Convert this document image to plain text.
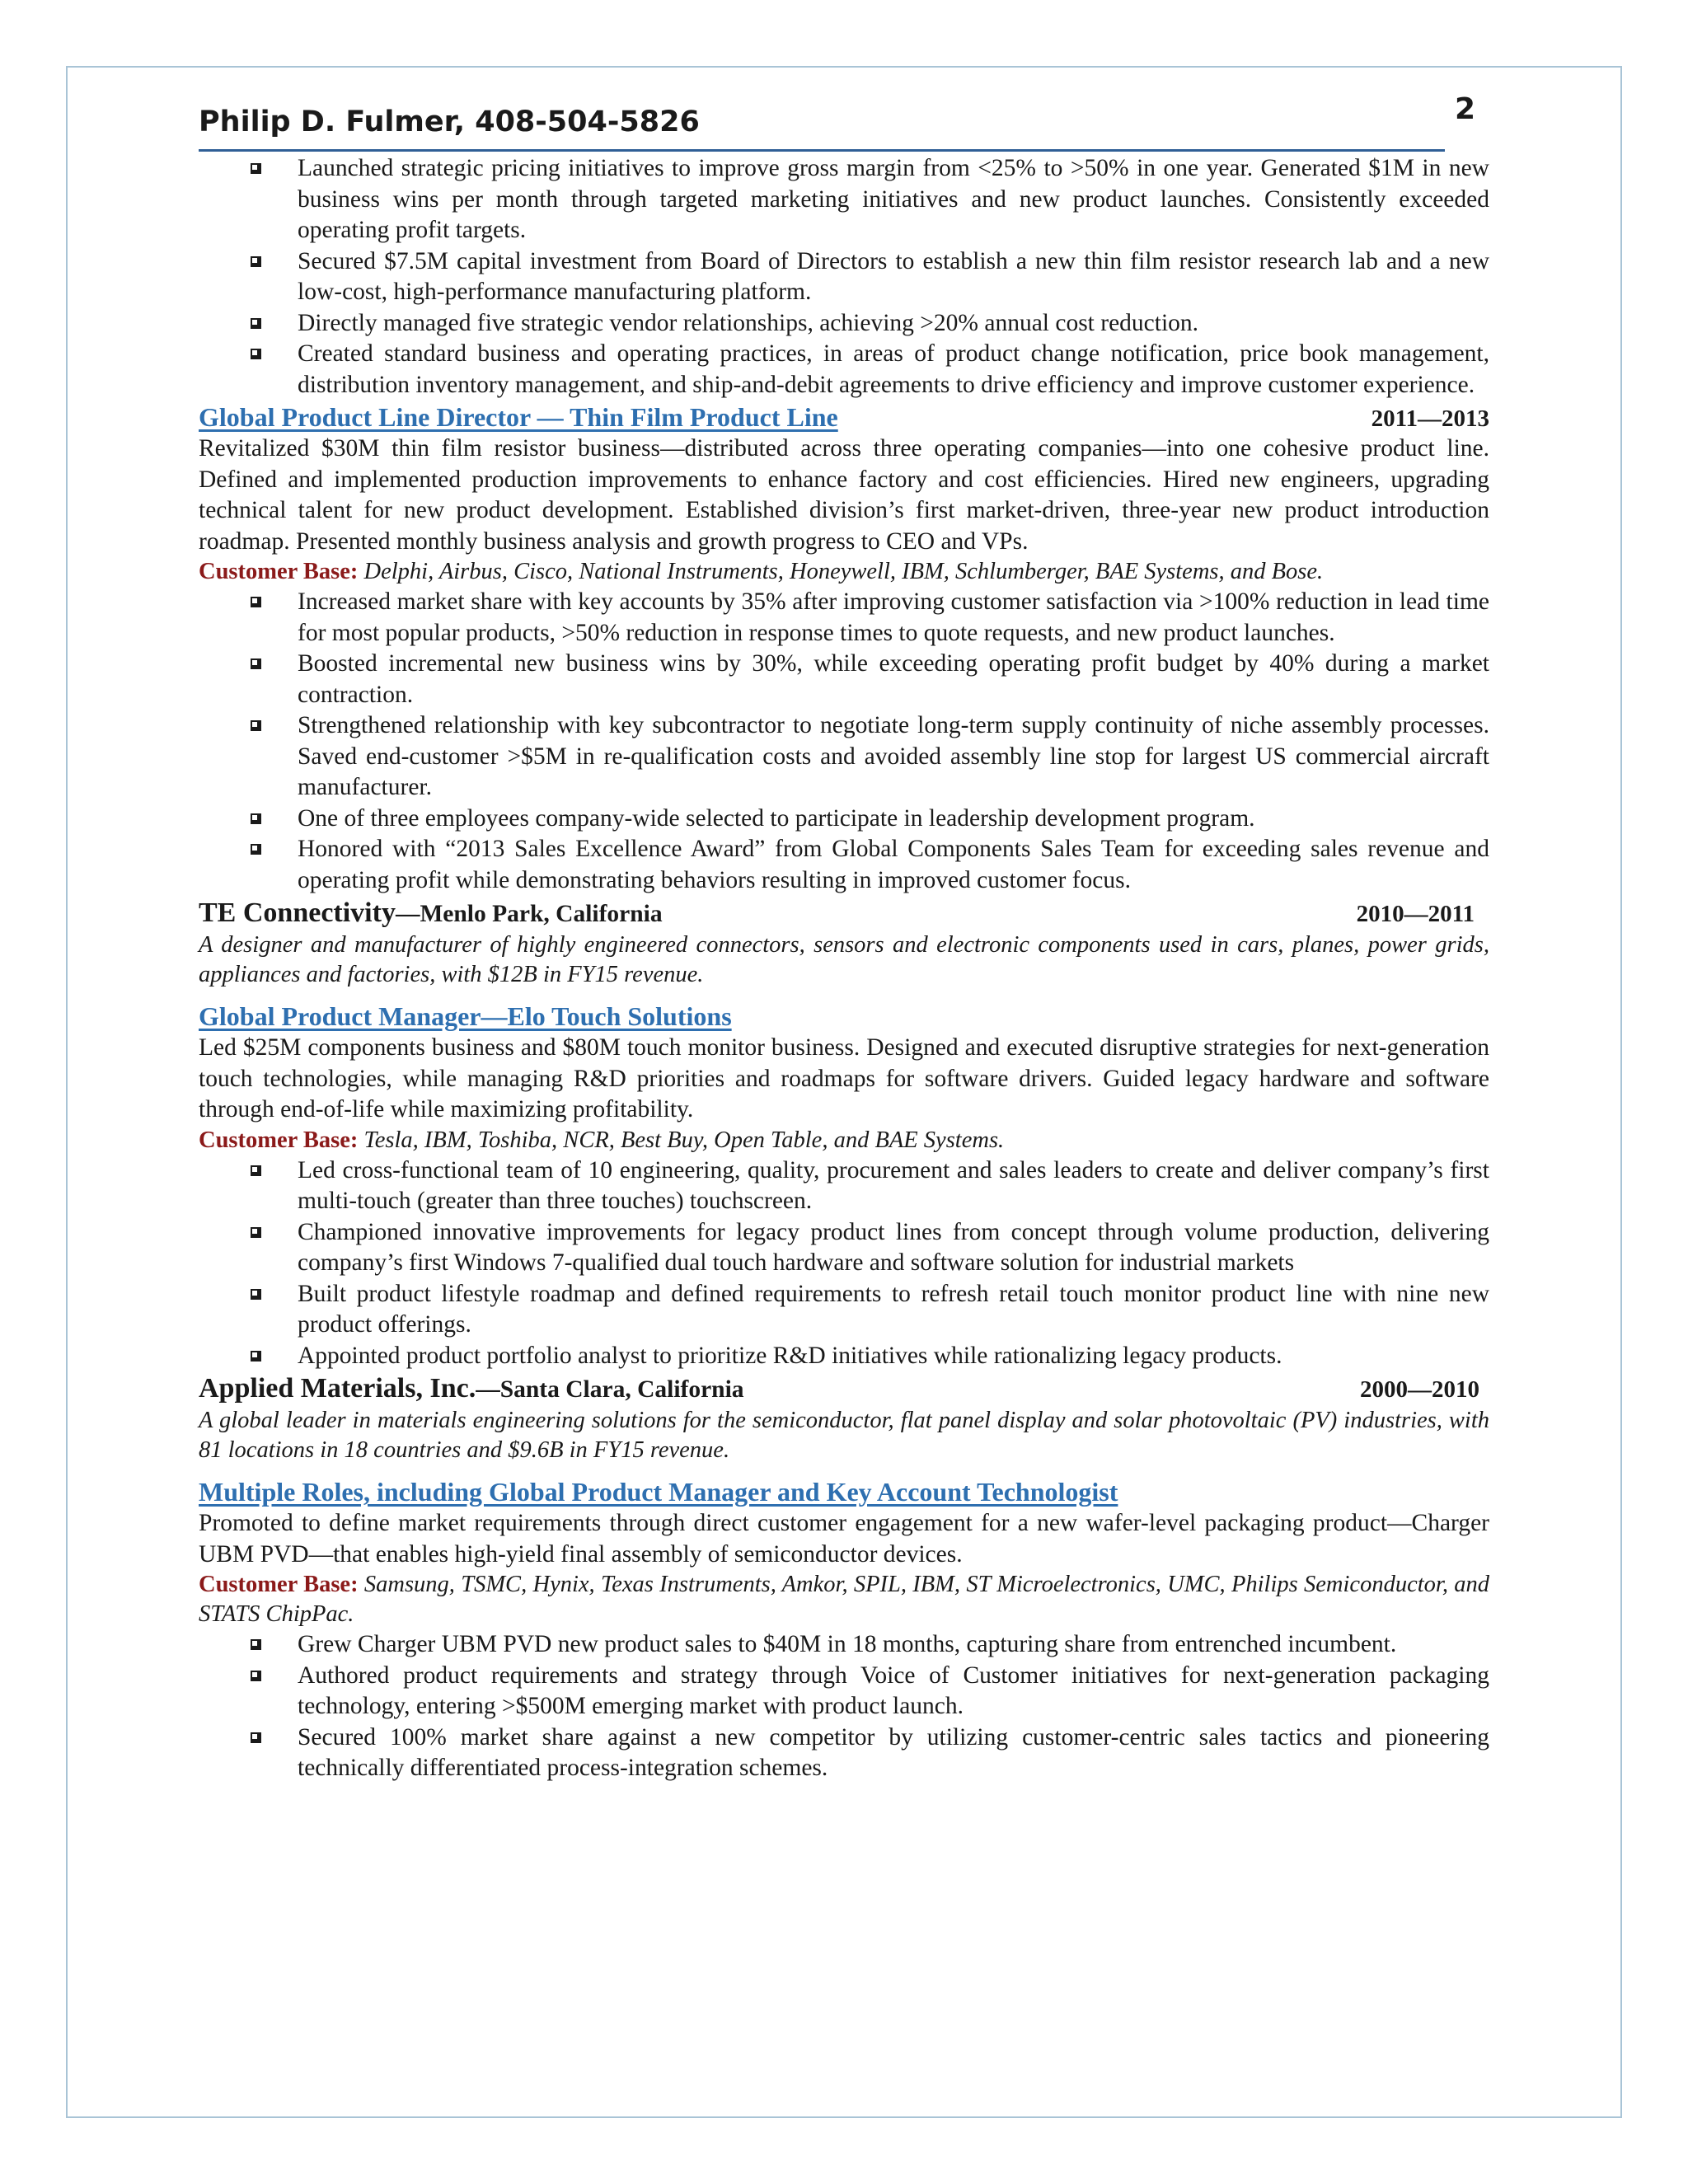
Philip D. Fulmer, 408-504-5826	2
Launched strategic pricing initiatives to improve gross margin from <25% to >50% in one year. Generated $1M in new business wins per month through targeted marketing initiatives and new product launches. Consistently exceeded operating profit targets.
Secured $7.5M capital investment from Board of Directors to establish a new thin film resistor research lab and a new low-cost, high-performance manufacturing platform.
Directly managed five strategic vendor relationships, achieving >20% annual cost reduction.
Created standard business and operating practices, in areas of product change notification, price book management, distribution inventory management, and ship-and-debit agreements to drive efficiency and improve customer experience.
Global Product Line Director — Thin Film Product Line	2011—2013

Revitalized $30M thin film resistor business—distributed across three operating companies—into one cohesive product line. Defined and implemented production improvements to enhance factory and cost efficiencies. Hired new engineers, upgrading technical talent for new product development. Established division’s first market-driven, three-year new product introduction roadmap. Presented monthly business analysis and growth progress to CEO and VPs.

Customer Base: Delphi, Airbus, Cisco, National Instruments, Honeywell, IBM, Schlumberger, BAE Systems, and Bose.

Increased market share with key accounts by 35% after improving customer satisfaction via >100% reduction in lead time for most popular products, >50% reduction in response times to quote requests, and new product launches.
Boosted incremental new business wins by 30%, while exceeding operating profit budget by 40% during a market contraction.
Strengthened relationship with key subcontractor to negotiate long-term supply continuity of niche assembly processes. Saved end-customer >$5M in re-qualification costs and avoided assembly line stop for largest US commercial aircraft manufacturer.
One of three employees company-wide selected to participate in leadership development program.
Honored with “2013 Sales Excellence Award” from Global Components Sales Team for exceeding sales revenue and operating profit while demonstrating behaviors resulting in improved customer focus.
TE Connectivity—Menlo Park, California	2010—2011

A designer and manufacturer of highly engineered connectors, sensors and electronic components used in cars, planes, power grids, appliances and factories, with $12B in FY15 revenue.

Global Product Manager—Elo Touch Solutions

Led $25M components business and $80M touch monitor business. Designed and executed disruptive strategies for next-generation touch technologies, while managing R&D priorities and roadmaps for software drivers. Guided legacy hardware and software through end-of-life while maximizing profitability.

Customer Base: Tesla, IBM, Toshiba, NCR, Best Buy, Open Table, and BAE Systems.

Led cross-functional team of 10 engineering, quality, procurement and sales leaders to create and deliver company’s first multi-touch (greater than three touches) touchscreen.
Championed innovative improvements for legacy product lines from concept through volume production, delivering company’s first Windows 7-qualified dual touch hardware and software solution for industrial markets
Built product lifestyle roadmap and defined requirements to refresh retail touch monitor product line with nine new product offerings.
Appointed product portfolio analyst to prioritize R&D initiatives while rationalizing legacy products.
Applied Materials, Inc.—Santa Clara, California	2000—2010

A global leader in materials engineering solutions for the semiconductor, flat panel display and solar photovoltaic (PV) industries, with 81 locations in 18 countries and $9.6B in FY15 revenue.

Multiple Roles, including Global Product Manager and Key Account Technologist

Promoted to define market requirements through direct customer engagement for a new wafer-level packaging product—Charger UBM PVD—that enables high-yield final assembly of semiconductor devices.

Customer Base: Samsung, TSMC, Hynix, Texas Instruments, Amkor, SPIL, IBM, ST Microelectronics, UMC, Philips Semiconductor, and STATS ChipPac.

Grew Charger UBM PVD new product sales to $40M in 18 months, capturing share from entrenched incumbent.
Authored product requirements and strategy through Voice of Customer initiatives for next-generation packaging technology, entering >$500M emerging market with product launch.
Secured 100% market share against a new competitor by utilizing customer-centric sales tactics and pioneering technically differentiated process-integration schemes.
